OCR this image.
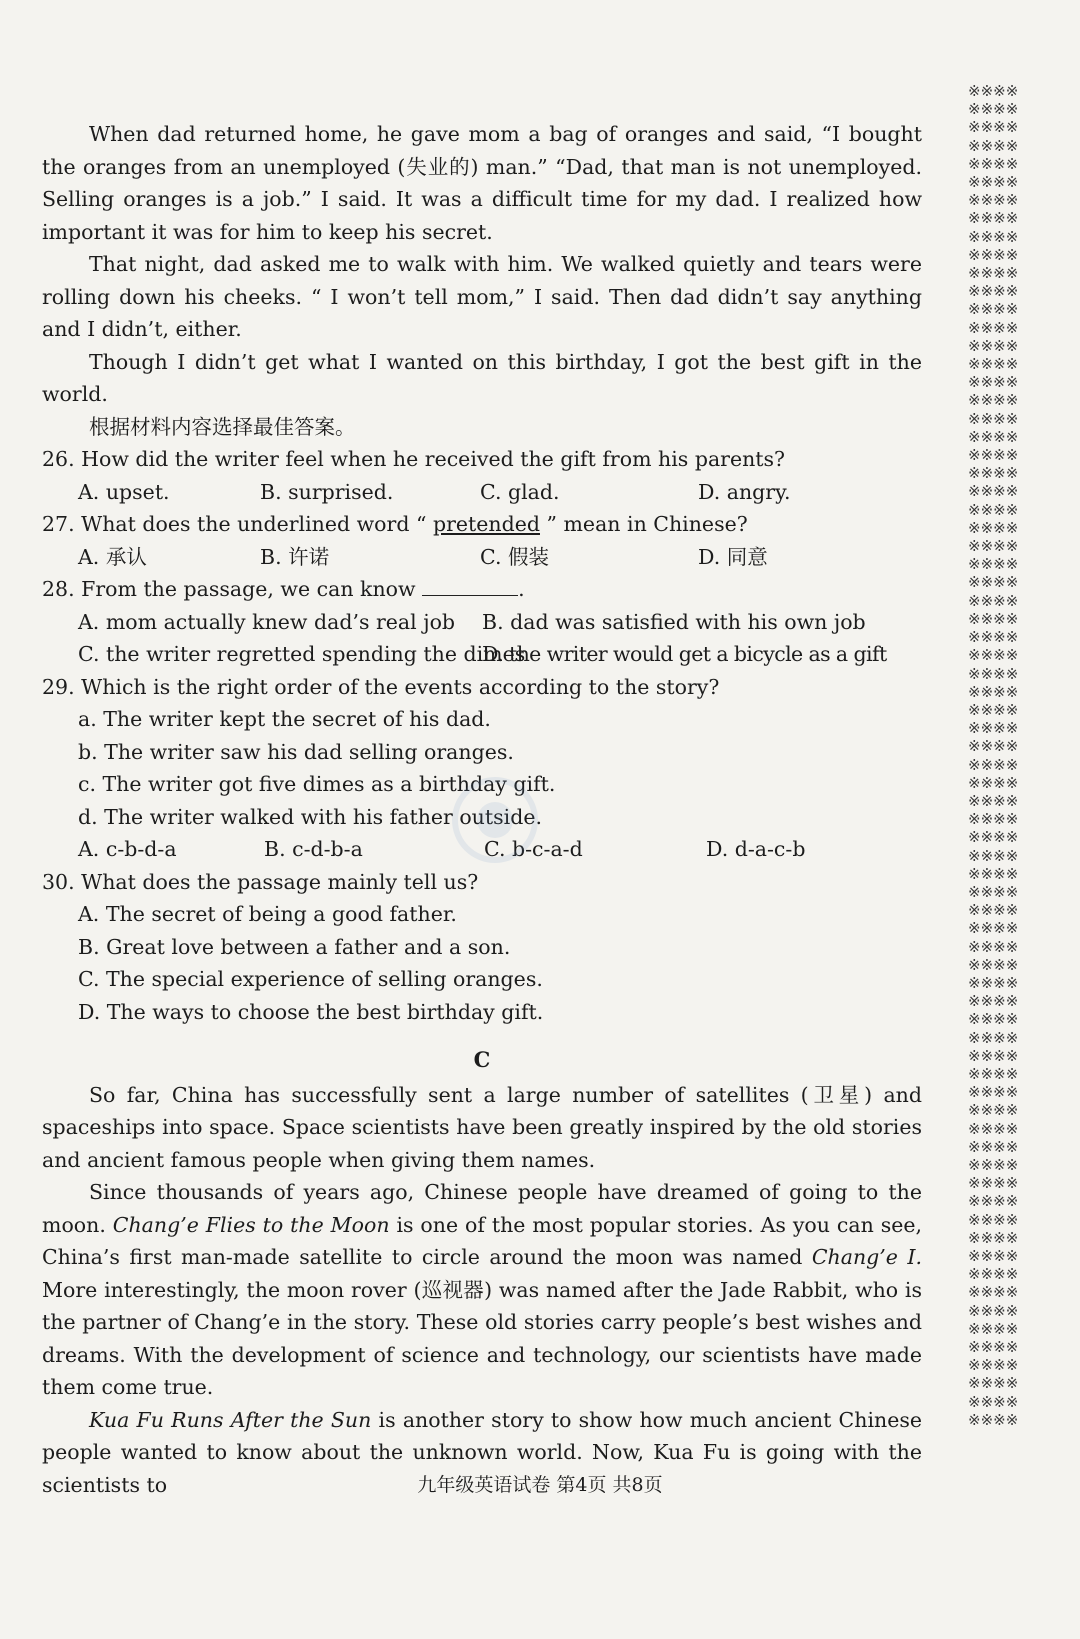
When dad returned home, he gave mom a bag of oranges and said, “I bought the oranges from an unemployed (失业的) man.” “Dad, that man is not unemployed. Selling oranges is a job.” I said. It was a difficult time for my dad. I realized how important it was for him to keep his secret.

That night, dad asked me to walk with him. We walked quietly and tears were rolling down his cheeks. “ I won’t tell mom,” I said. Then dad didn’t say anything and I didn’t, either.

Though I didn’t get what I wanted on this birthday, I got the best gift in the world.

根据材料内容选择最佳答案。

26. How did the writer feel when he received the gift from his parents?

A. upset.	B. surprised.	C. glad.	D. angry.

27. What does the underlined word “ pretended ” mean in Chinese?

A. 承认	B. 许诺	C. 假装	D. 同意

28. From the passage, we can know	.

A. mom actually knew dad’s real job B. dad was satisfied with his own job
C. the writer regretted spending the dimes
D. the writer would get a bicycle as a gift

29. Which is the right order of the events according to the story?

a. The writer kept the secret of his dad.

b. The writer saw his dad selling oranges.

c. The writer got five dimes as a birthday gift.

d. The writer walked with his father outside.

A. c-b-d-a	B. c-d-b-a	C. b-c-a-d	D. d-a-c-b

30. What does the passage mainly tell us?

A. The secret of being a good father.

B. Great love between a father and a son.

C. The special experience of selling oranges.

D. The ways to choose the best birthday gift.

C

So far, China has successfully sent a large number of satellites (卫星) and spaceships into space. Space scientists have been greatly inspired by the old stories and ancient famous people when giving them names.

Since thousands of years ago, Chinese people have dreamed of going to the moon. Chang’e Flies to the Moon is one of the most popular stories. As you can see, China’s first man-made satellite to circle around the moon was named Chang’e I. More interestingly, the moon rover (巡视器) was named after the Jade Rabbit, who is the partner of Chang’e in the story. These old stories carry people’s best wishes and dreams. With the development of science and technology, our scientists have made them come true.

Kua Fu Runs After the Sun is another story to show how much ancient Chinese people wanted to know about the unknown world. Now, Kua Fu is going with the scientists to	九年级英语试卷 第4页 共8页
※※※※
※※※※
※※※※
※※※※
※※※※
※※※※
※※※※
※※※※
※※※※
※※※※
※※※※
※※※※
※※※※
※※※※
※※※※
※※※※
※※※※
※※※※
※※※※
※※※※
※※※※
※※※※
※※※※
※※※※
※※※※
※※※※
※※※※
※※※※
※※※※
※※※※
※※※※
※※※※
※※※※
※※※※
※※※※
※※※※
※※※※
※※※※
※※※※
※※※※
※※※※
※※※※
※※※※
※※※※
※※※※
※※※※
※※※※
※※※※
※※※※
※※※※
※※※※
※※※※
※※※※
※※※※
※※※※
※※※※
※※※※
※※※※
※※※※
※※※※
※※※※
※※※※
※※※※
※※※※
※※※※
※※※※
※※※※
※※※※
※※※※
※※※※
※※※※
※※※※
※※※※
※※※※
